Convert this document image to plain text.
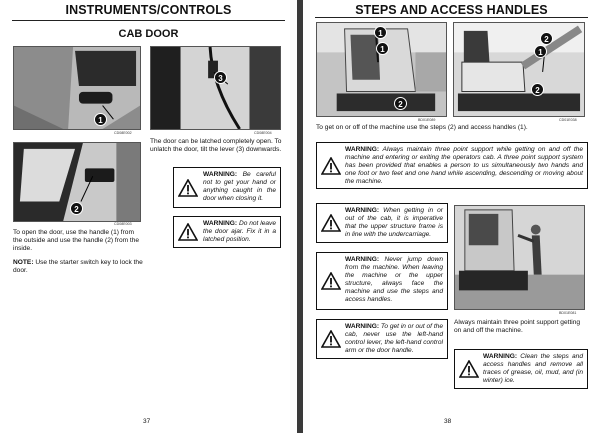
INSTRUMENTS/CONTROLS
CAB DOOR
1
CD08E002
3
CD08E004
The door can be latched completely open. To unlatch the door, tilt the lever (3) downwards.
2
CD08E003
WARNING: Be careful not to get your hand or anything caught in the door when closing it.
WARNING: Do not leave the door ajar. Fix it in a latched position.
To open the door, use the handle (1) from the outside and use the handle (2) from the inside.
NOTE: Use the starter switch key to lock the door.
37
STEPS AND ACCESS HANDLES
1
1
2
BD01E089
2
1
2
CD01E038
To get on or off of the machine use the steps (2) and access handles (1).
WARNING: Always maintain three point support while getting on and off the machine and entering or exiting the operators cab. A three point support system has been provided that enables a person to us simultaneously two hands and one foot or two feet and one hand while ascending, descending or moving about the machine.
WARNING: When getting in or out of the cab, it is imperative that the upper structure frame is in line with the undercarriage.
WARNING: Never jump down from the machine. When leaving the machine or the upper structure, always face the machine and use the steps and access handles.
WARNING: To get in or out of the cab, never use the left-hand control lever, the left-hand control arm or the door handle.
BD01E081
Always maintain three point support getting on and off the machine.
WARNING: Clean the steps and access handles and remove all traces of grease, oil, mud, and (in winter) ice.
38
